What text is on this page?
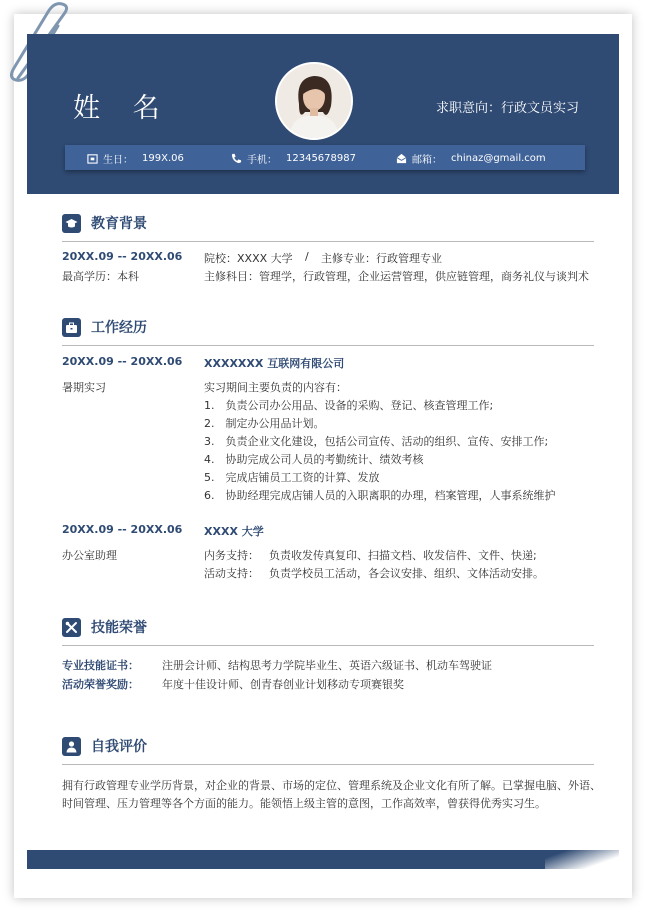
姓 名	求职意向：行政文员实习
生日： 199X.06	手机： 12345678987	邮箱： chinaz@gmail.com
教育背景
20XX.09 -- 20XX.06 院校：XXXX 大学 / 主修专业：行政管理专业
最高学历：本科	主修科目：管理学，行政管理，企业运营管理，供应链管理，商务礼仪与谈判术
工作经历
20XX.09 -- 20XX.06 XXXXXXX 互联网有限公司
暑期实习	实习期间主要负责的内容有：
1.　负责公司办公用品、设备的采购、登记、核查管理工作;
2.　制定办公用品计划。
3.　负责企业文化建设，包括公司宣传、活动的组织、宣传、安排工作;
4.　协助完成公司人员的考勤统计、绩效考核
5.　完成店铺员工工资的计算、发放
6.　协助经理完成店铺人员的入职离职的办理，档案管理，人事系统维护
20XX.09 -- 20XX.06 XXXX 大学
办公室助理	内务支持： 负责收发传真复印、扫描文档、收发信件、文件、快递;
活动支持： 负责学校员工活动，各会议安排、组织、文体活动安排。
技能荣誉
专业技能证书： 注册会计师、结构思考力学院毕业生、英语六级证书、机动车驾驶证
活动荣誉奖励： 年度十佳设计师、创青春创业计划移动专项赛银奖
自我评价
拥有行政管理专业学历背景，对企业的背景、市场的定位、管理系统及企业文化有所了解。已掌握电脑、外语、
时间管理、压力管理等各个方面的能力。能领悟上级主管的意图，工作高效率，曾获得优秀实习生。
